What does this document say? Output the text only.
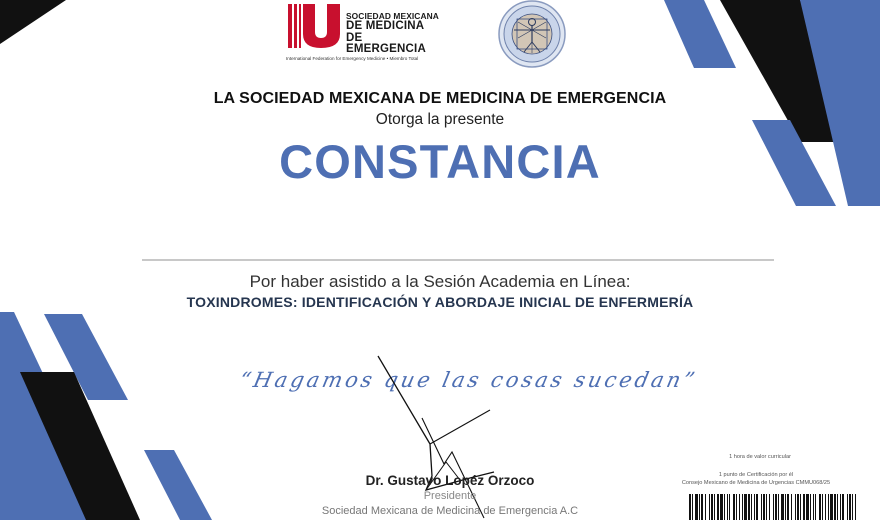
SOCIEDAD MEXICANA
DE MEDICINA
DE EMERGENCIA
International Federation for Emergency Medicine • Miembro Total
LA SOCIEDAD MEXICANA DE MEDICINA DE EMERGENCIA
Otorga la presente
CONSTANCIA
Por haber asistido a la Sesión Academia en Línea:
TOXINDROMES: IDENTIFICACIÓN Y ABORDAJE INICIAL DE ENFERMERÍA
“Hagamos que las cosas sucedan”
Dr. Gustavo Lopéz Orzoco
Presidente
Sociedad Mexicana de Medicina de Emergencia A.C
1 hora de valor curricular
1 punto de Certificación por él
Consejo Mexicano de Medicina de Urgencias CMMU068/25
